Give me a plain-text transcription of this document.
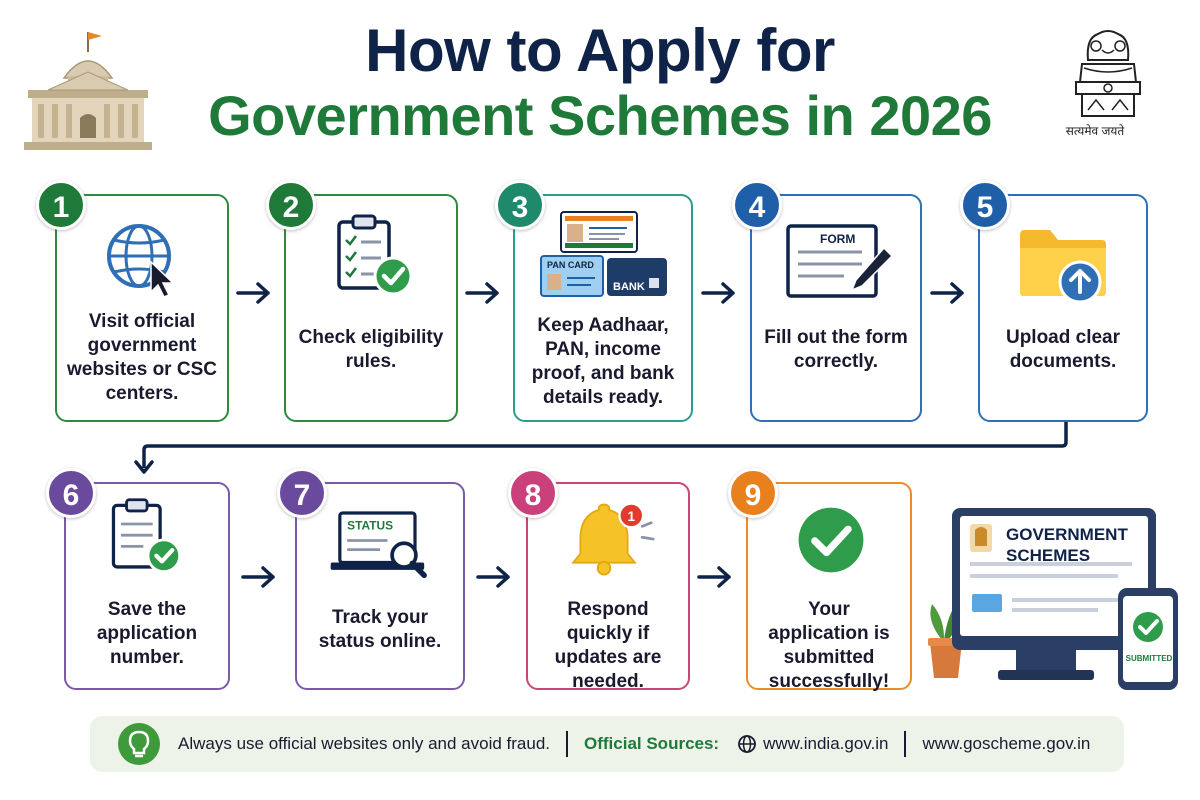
How to Apply for
Government Schemes in 2026	सत्यमेव जयते
Visit official government websites or CSC centers.
1
Check eligibility rules.
2
PAN CARD
BANK
Keep Aadhaar, PAN, income proof, and bank details ready.
3
FORM
Fill out the form correctly.
4
Upload clear documents.
5
Save the application number.
6
STATUS
Track your status online.
7
1
Respond quickly if updates are needed.
8
Your application is submitted successfully!
9
GOVERNMENT SCHEMES
SUBMITTED
Always use official websites only and avoid fraud. Official Sources:	www.india.gov.in www.goscheme.gov.in
